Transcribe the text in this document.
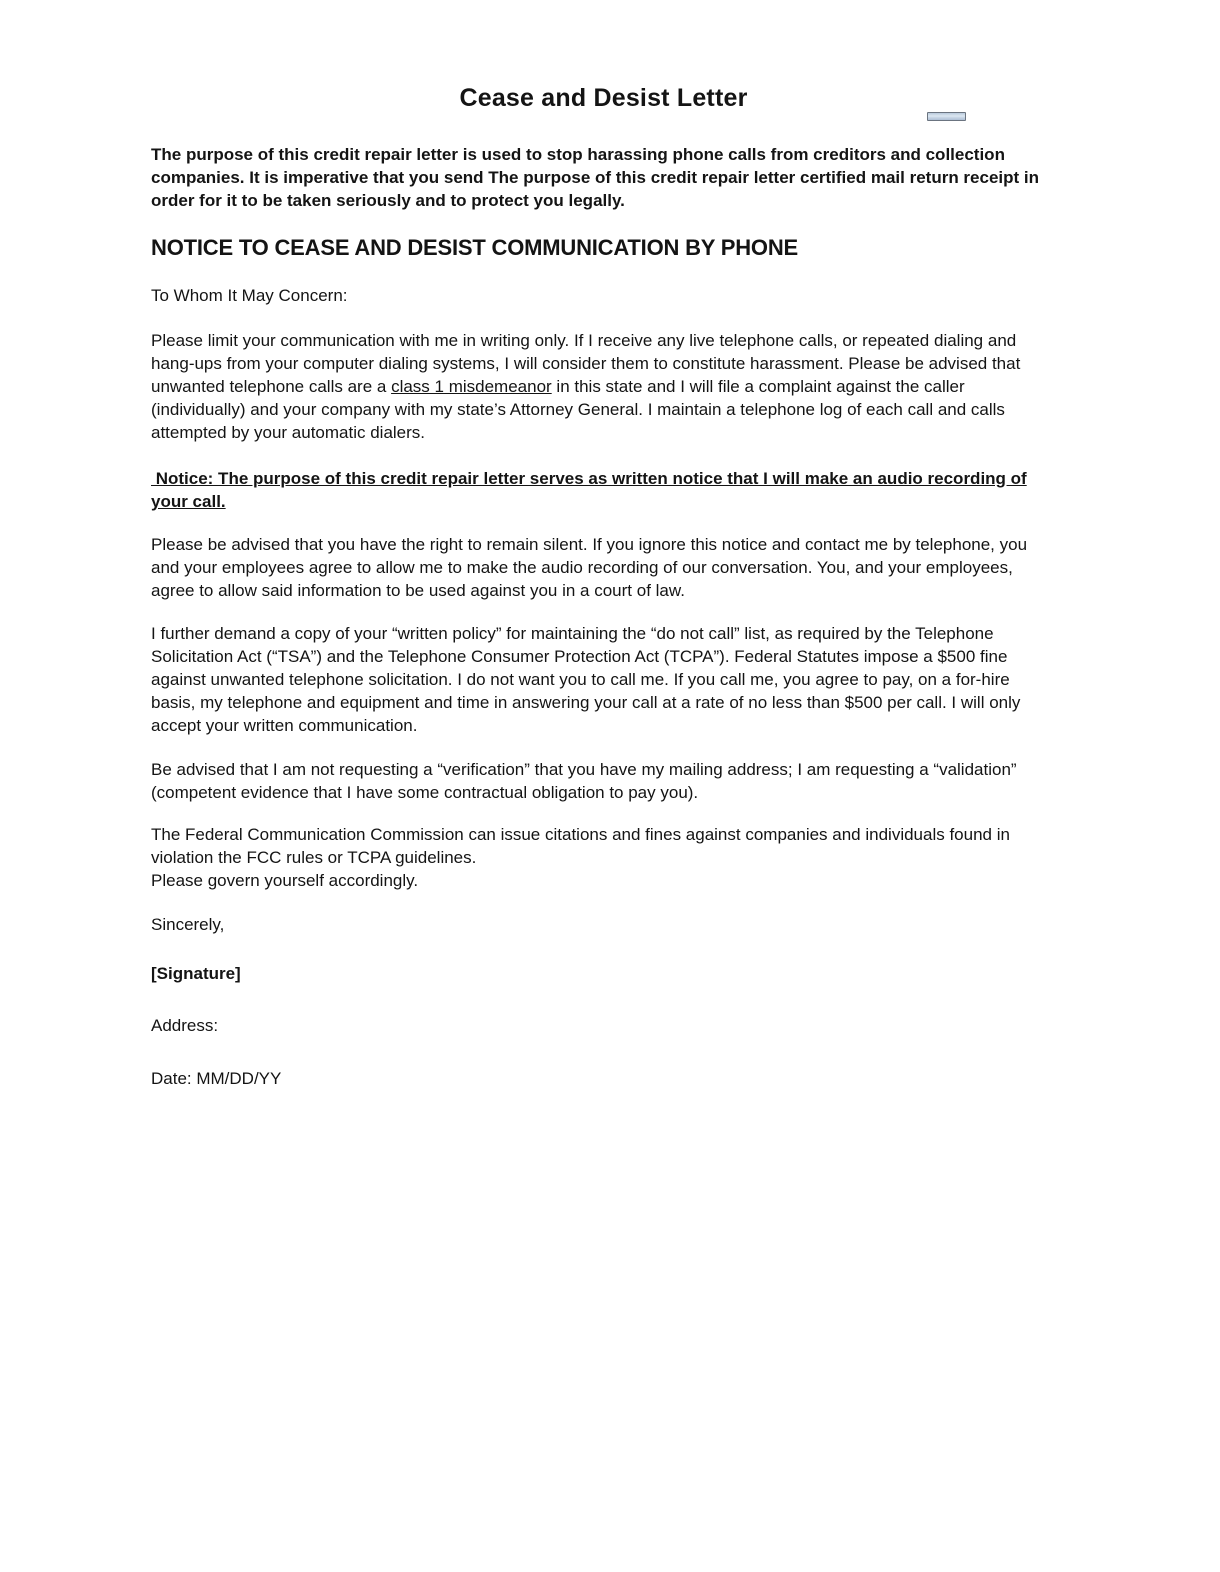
Cease and Desist Letter

The purpose of this credit repair letter is used to stop harassing phone calls from creditors and collection companies. It is imperative that you send The purpose of this credit repair letter certified mail return receipt in order for it to be taken seriously and to protect you legally.

NOTICE TO CEASE AND DESIST COMMUNICATION BY PHONE

To Whom It May Concern:

Please limit your communication with me in writing only. If I receive any live telephone calls, or repeated dialing and hang-ups from your computer dialing systems, I will consider them to constitute harassment. Please be advised that unwanted telephone calls are a class 1 misdemeanor in this state and I will file a complaint against the caller (individually) and your company with my state’s Attorney General. I maintain a telephone log of each call and calls attempted by your automatic dialers.

Notice: The purpose of this credit repair letter serves as written notice that I will make an audio recording of your call.

Please be advised that you have the right to remain silent. If you ignore this notice and contact me by telephone, you and your employees agree to allow me to make the audio recording of our conversation. You, and your employees, agree to allow said information to be used against you in a court of law.

I further demand a copy of your “written policy” for maintaining the “do not call” list, as required by the Telephone Solicitation Act (“TSA”) and the Telephone Consumer Protection Act (TCPA”). Federal Statutes impose a $500 fine against unwanted telephone solicitation. I do not want you to call me. If you call me, you agree to pay, on a for-hire basis, my telephone and equipment and time in answering your call at a rate of no less than $500 per call. I will only accept your written communication.

Be advised that I am not requesting a “verification” that you have my mailing address; I am requesting a “validation” (competent evidence that I have some contractual obligation to pay you).

The Federal Communication Commission can issue citations and fines against companies and individuals found in violation the FCC rules or TCPA guidelines.
Please govern yourself accordingly.

Sincerely,

[Signature]

Address:

Date: MM/DD/YY
